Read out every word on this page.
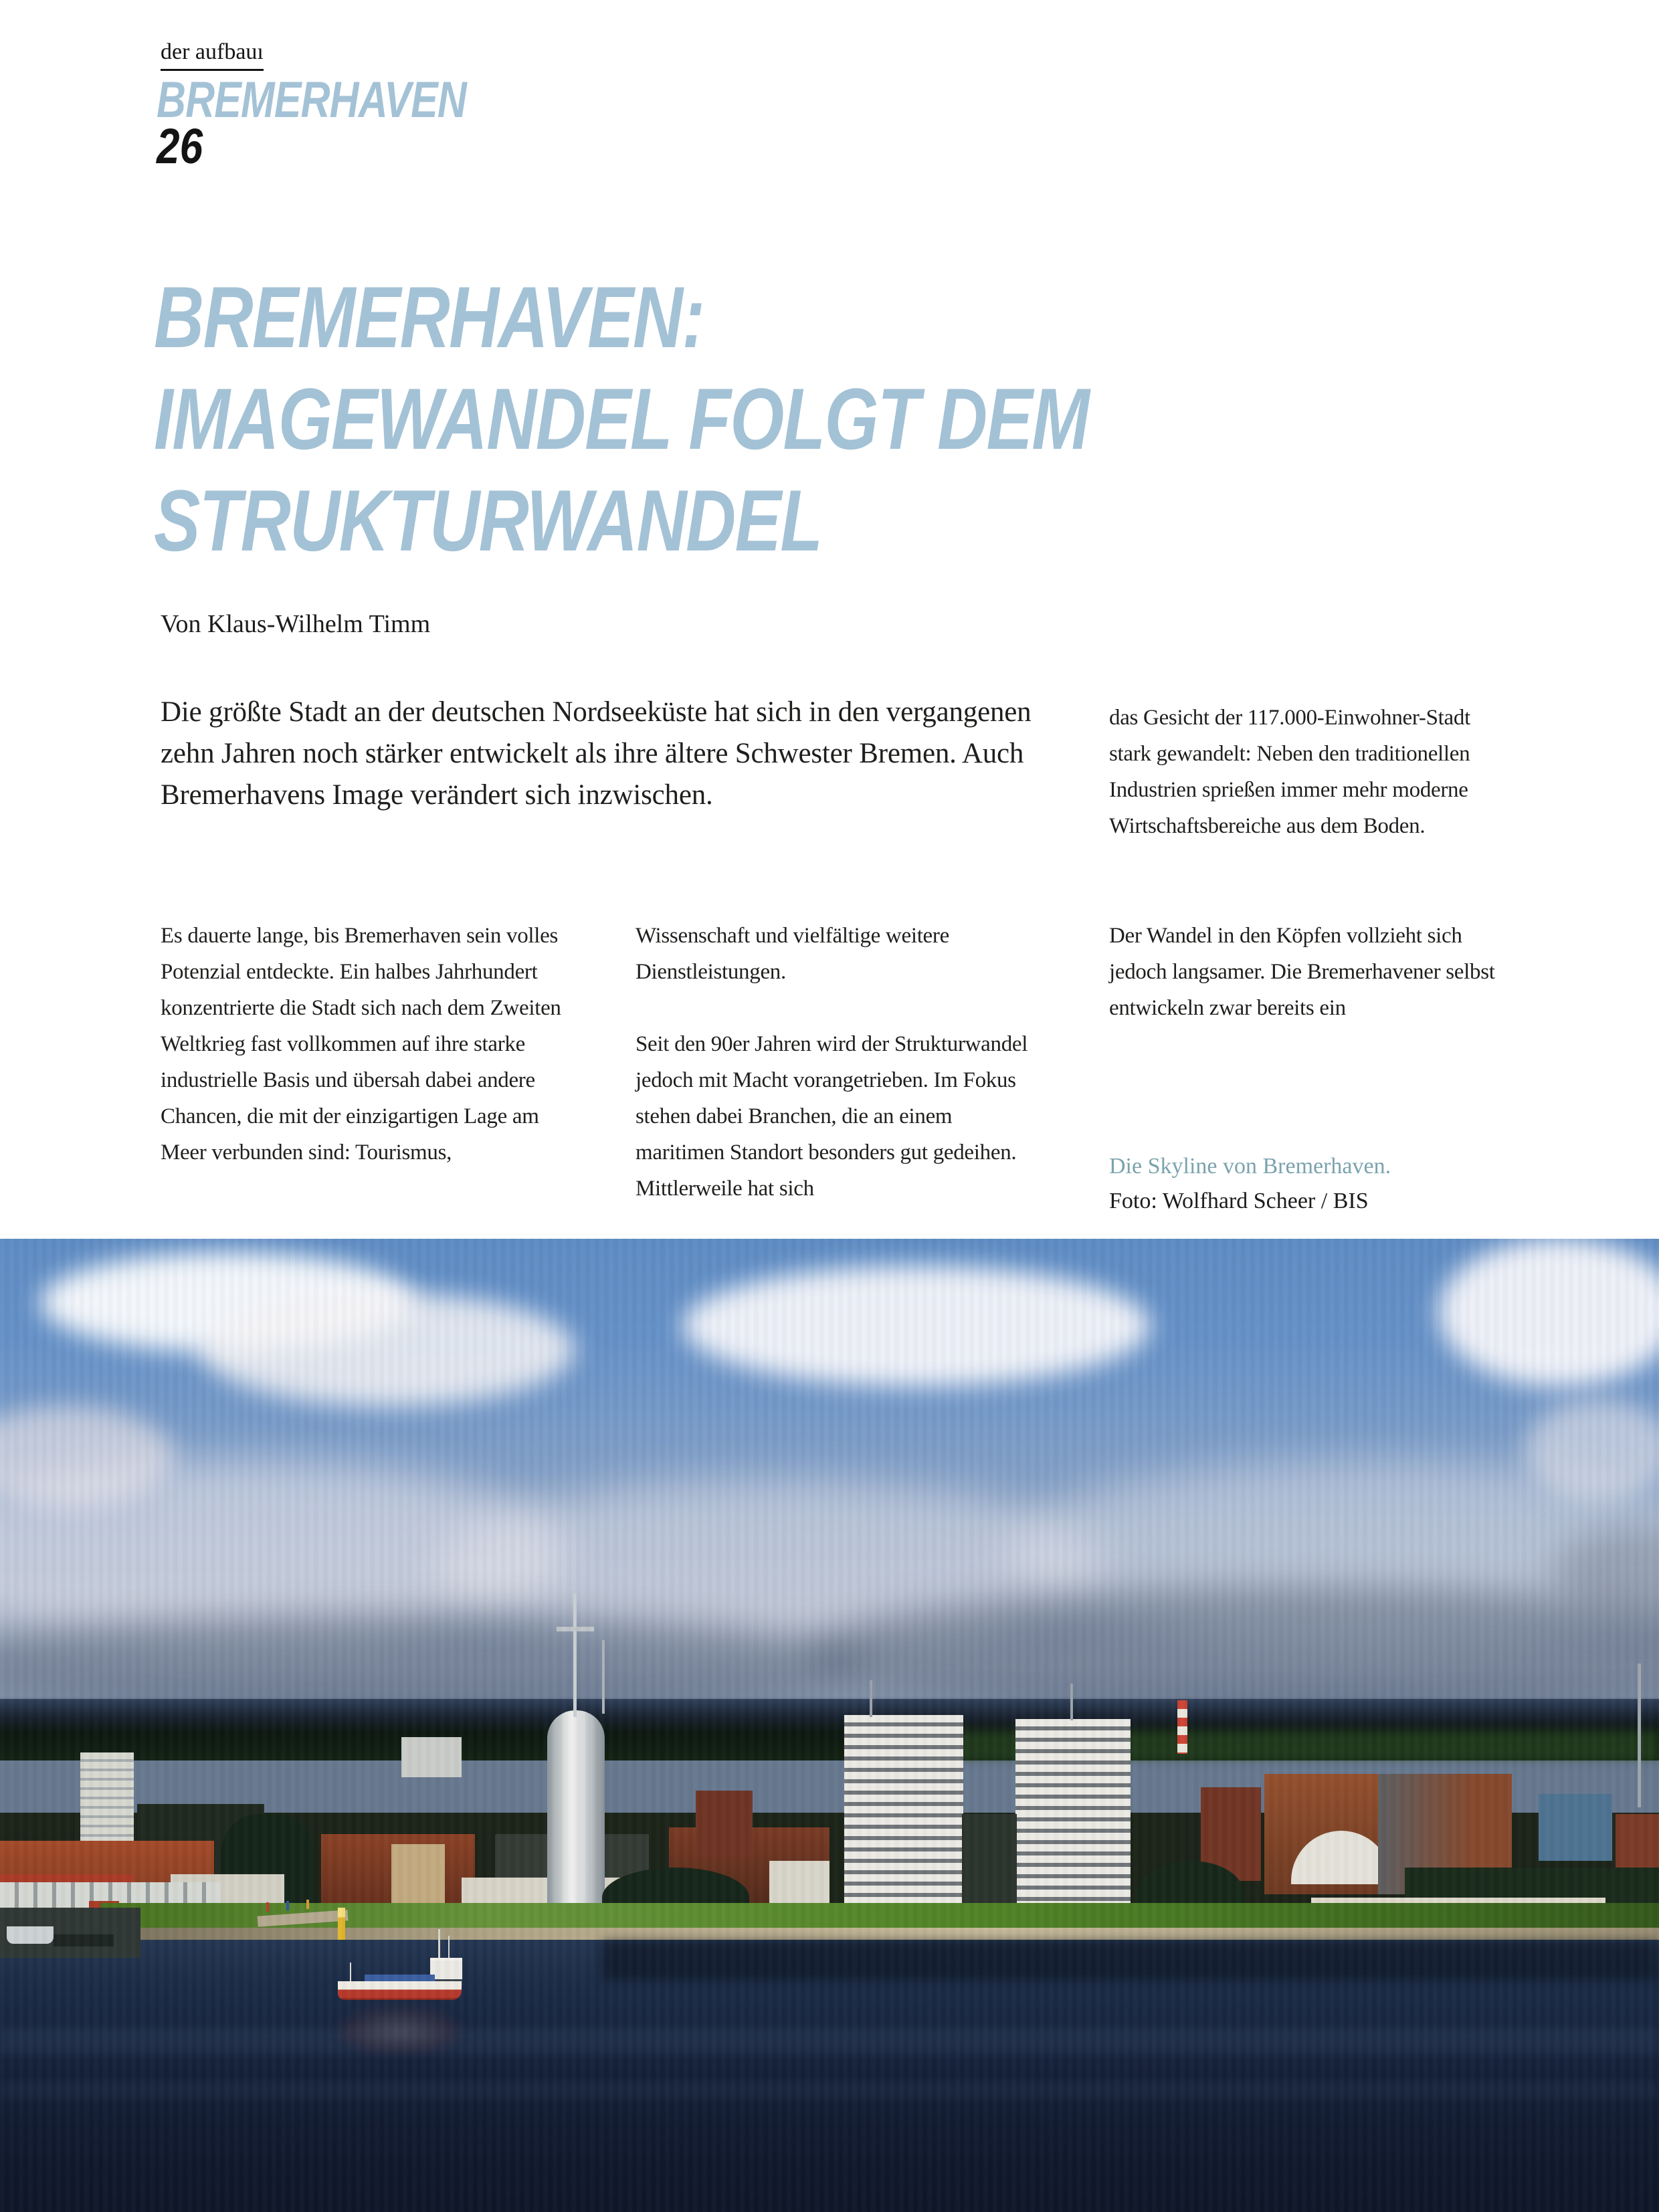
der aufbauı
BREMERHAVEN
26
BREMERHAVEN:
IMAGEWANDEL FOLGT DEM
STRUKTURWANDEL
Von Klaus-Wilhelm Timm
Die größte Stadt an der deutschen Nordseeküste hat sich in den vergangenen zehn Jahren noch stärker entwickelt als ihre ältere Schwester Bremen. Auch Bremerhavens Image verändert sich inzwischen.

Es dauerte lange, bis Bremerhaven sein volles Potenzial entdeckte. Ein halbes Jahrhundert konzentrierte die Stadt sich nach dem Zweiten Weltkrieg fast vollkommen auf ihre starke industrielle Basis und übersah dabei andere Chancen, die mit der einzigartigen Lage am Meer verbunden sind: Tourismus,

Wissenschaft und vielfältige weitere Dienstleistungen.

Seit den 90er Jahren wird der Strukturwandel jedoch mit Macht vorangetrieben. Im Fokus stehen dabei Branchen, die an einem maritimen Standort besonders gut gedeihen. Mittlerweile hat sich

das Gesicht der 117.000-Einwohner-Stadt stark gewandelt: Neben den traditionellen Industrien sprießen immer mehr moderne Wirtschaftsbereiche aus dem Boden.

Der Wandel in den Köpfen vollzieht sich jedoch langsamer. Die Bremerhavener selbst entwickeln zwar bereits ein

Die Skyline von Bremerhaven.
Foto: Wolfhard Scheer / BIS
